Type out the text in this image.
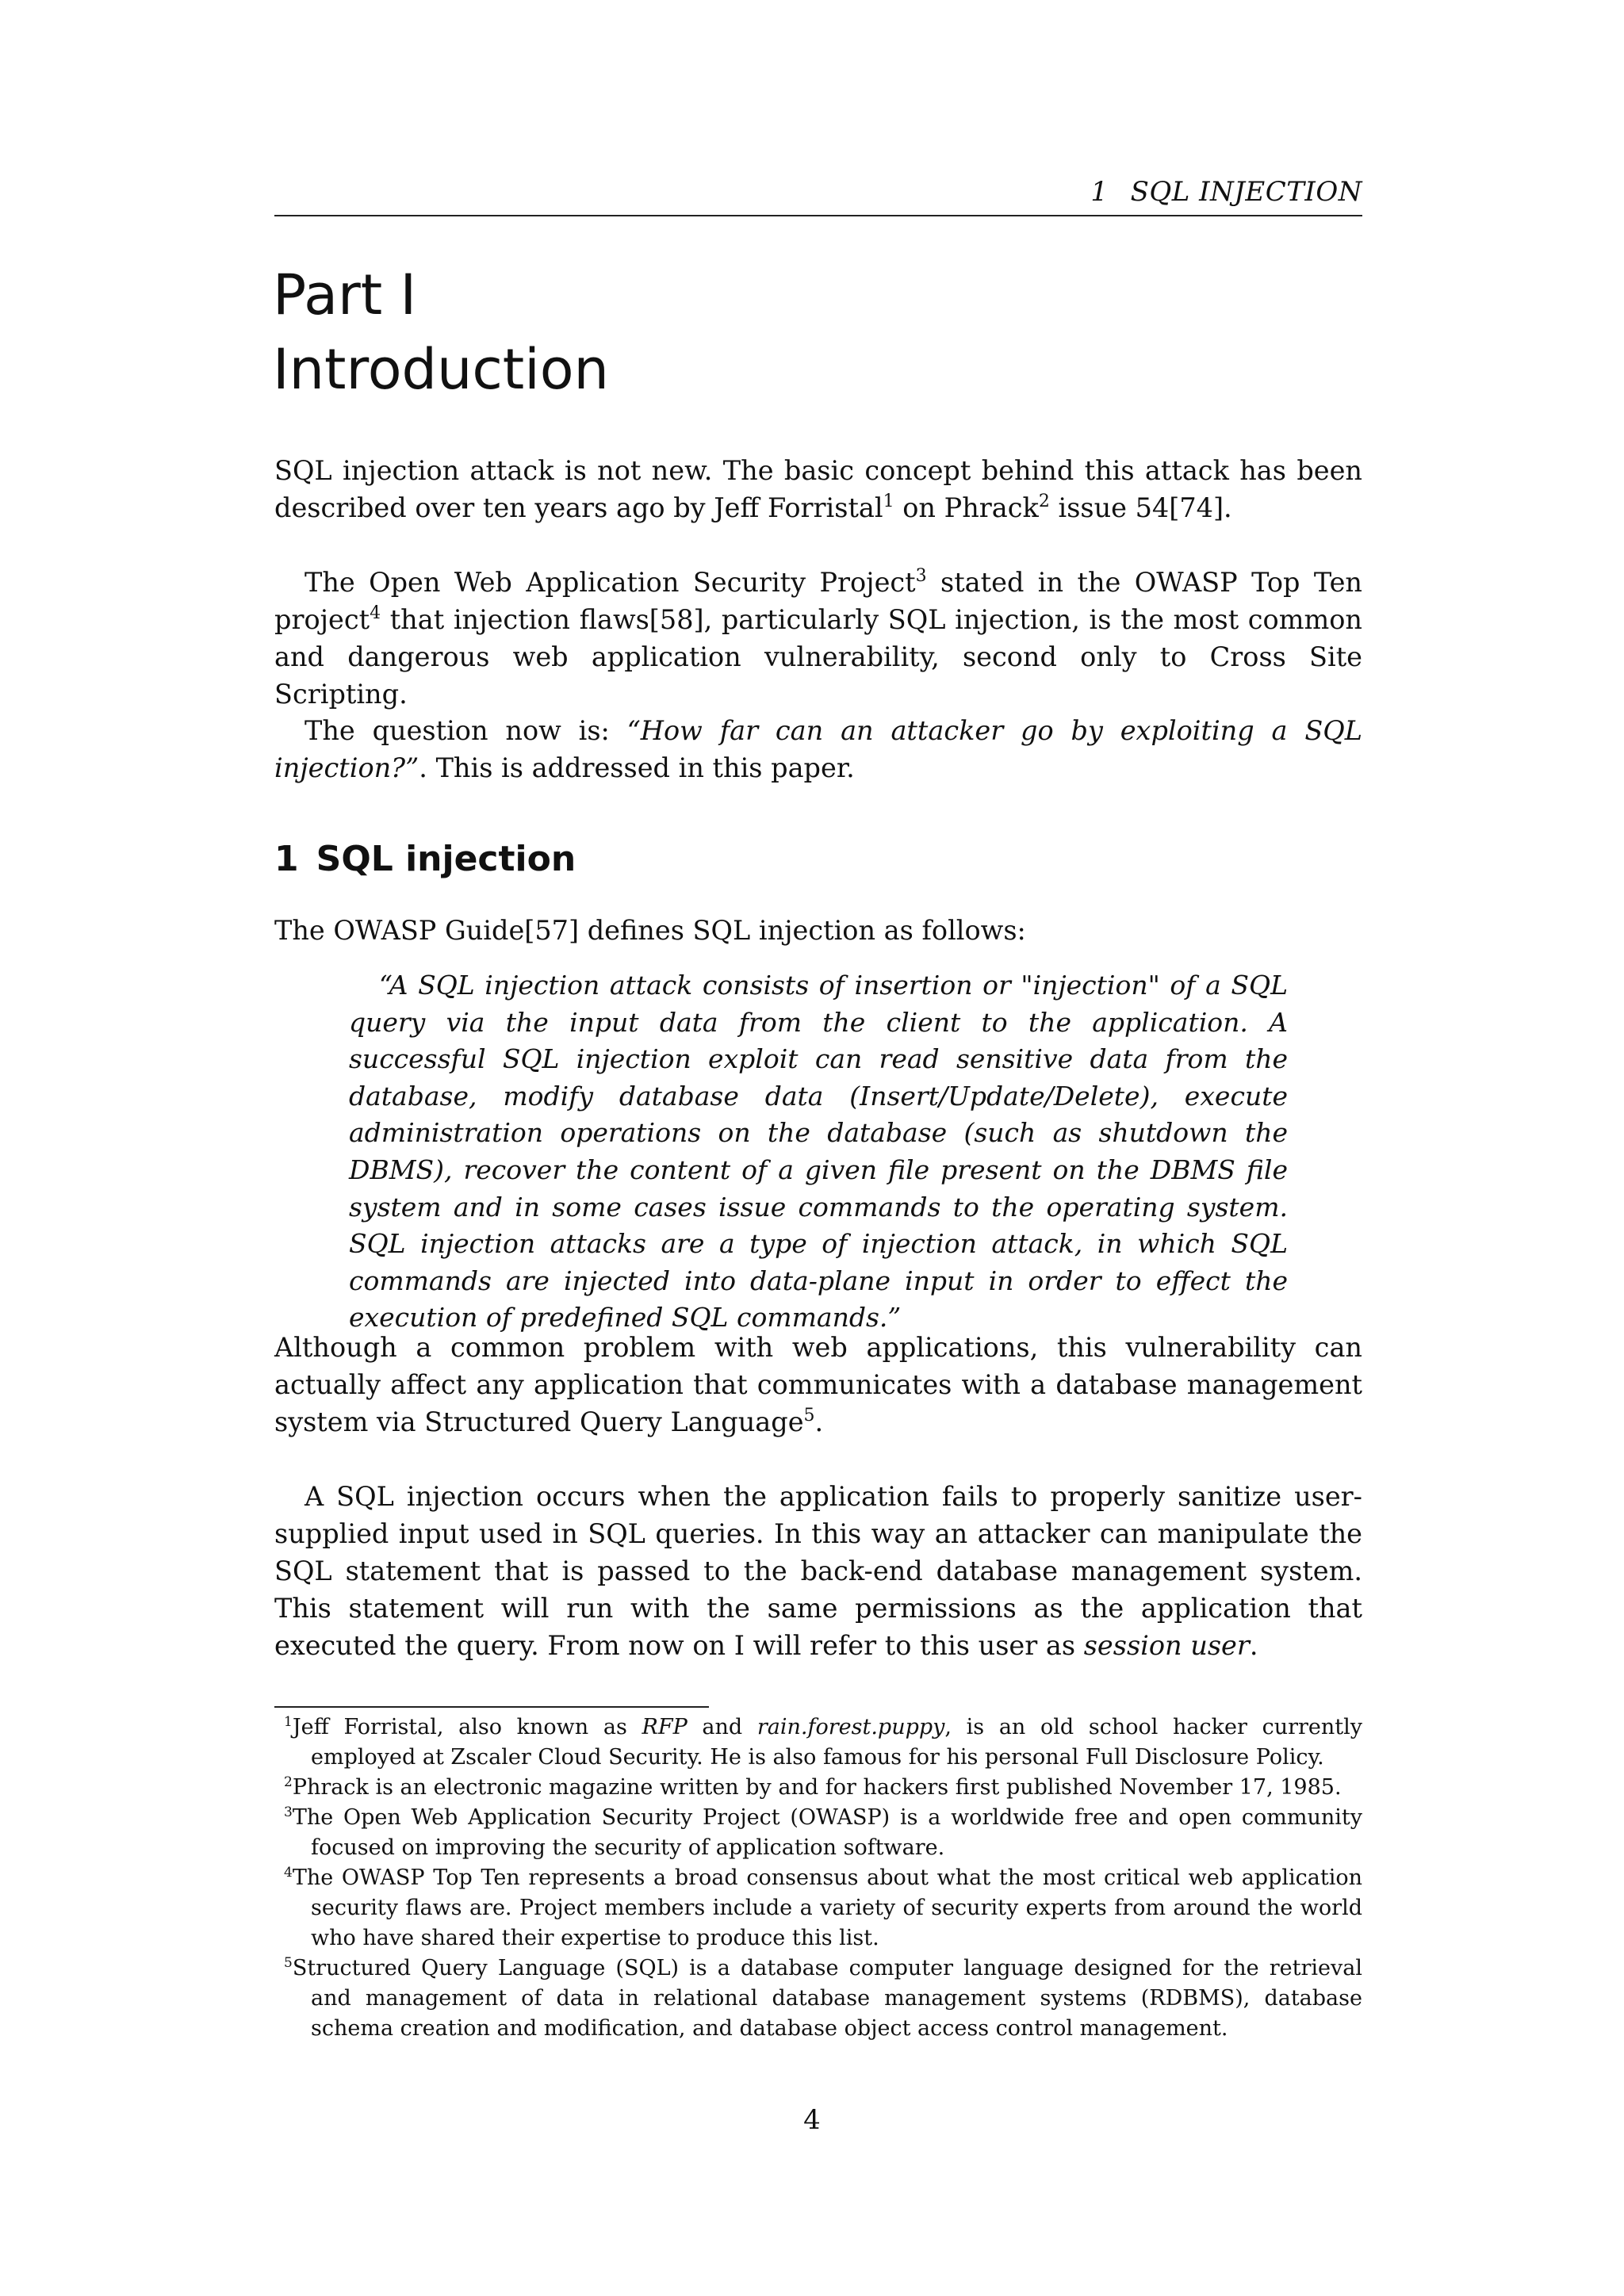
1 SQL INJECTION
Part I
Introduction

SQL injection attack is not new. The basic concept behind this attack has been described over ten years ago by Jeff Forristal$^1$ on Phrack$^2$ issue 54[74].

The Open Web Application Security Project$^3$ stated in the OWASP Top Ten project$^4$ that injection flaws[58], particularly SQL injection, is the most common and dangerous web application vulnerability, second only to Cross Site Scripting.

The question now is: “How far can an attacker go by exploiting a SQL injection?”. This is addressed in this paper.

1 SQL injection

The OWASP Guide[57] defines SQL injection as follows:

“A SQL injection attack consists of insertion or "injection" of a SQL query via the input data from the client to the application. A successful SQL injection exploit can read sensitive data from the database, modify database data (Insert/Update/Delete), execute administration operations on the database (such as shutdown the DBMS), recover the content of a given file present on the DBMS file system and in some cases issue commands to the operating system. SQL injection attacks are a type of injection attack, in which SQL commands are injected into data-plane input in order to effect the execution of predefined SQL commands.”

Although a common problem with web applications, this vulnerability can actually affect any application that communicates with a database management system via Structured Query Language$^5$.

A SQL injection occurs when the application fails to properly sanitize user-supplied input used in SQL queries. In this way an attacker can manipulate the SQL statement that is passed to the back-end database management system. This statement will run with the same permissions as the application that executed the query. From now on I will refer to this user as session user.

$^1$Jeff Forristal, also known as RFP and rain.forest.puppy, is an old school hacker currently employed at Zscaler Cloud Security. He is also famous for his personal Full Disclosure Policy.

$^2$Phrack is an electronic magazine written by and for hackers first published November 17, 1985.

$^3$The Open Web Application Security Project (OWASP) is a worldwide free and open community focused on improving the security of application software.

$^4$The OWASP Top Ten represents a broad consensus about what the most critical web application security flaws are. Project members include a variety of security experts from around the world who have shared their expertise to produce this list.

$^5$Structured Query Language (SQL) is a database computer language designed for the retrieval and management of data in relational database management systems (RDBMS), database schema creation and modification, and database object access control management.

4
